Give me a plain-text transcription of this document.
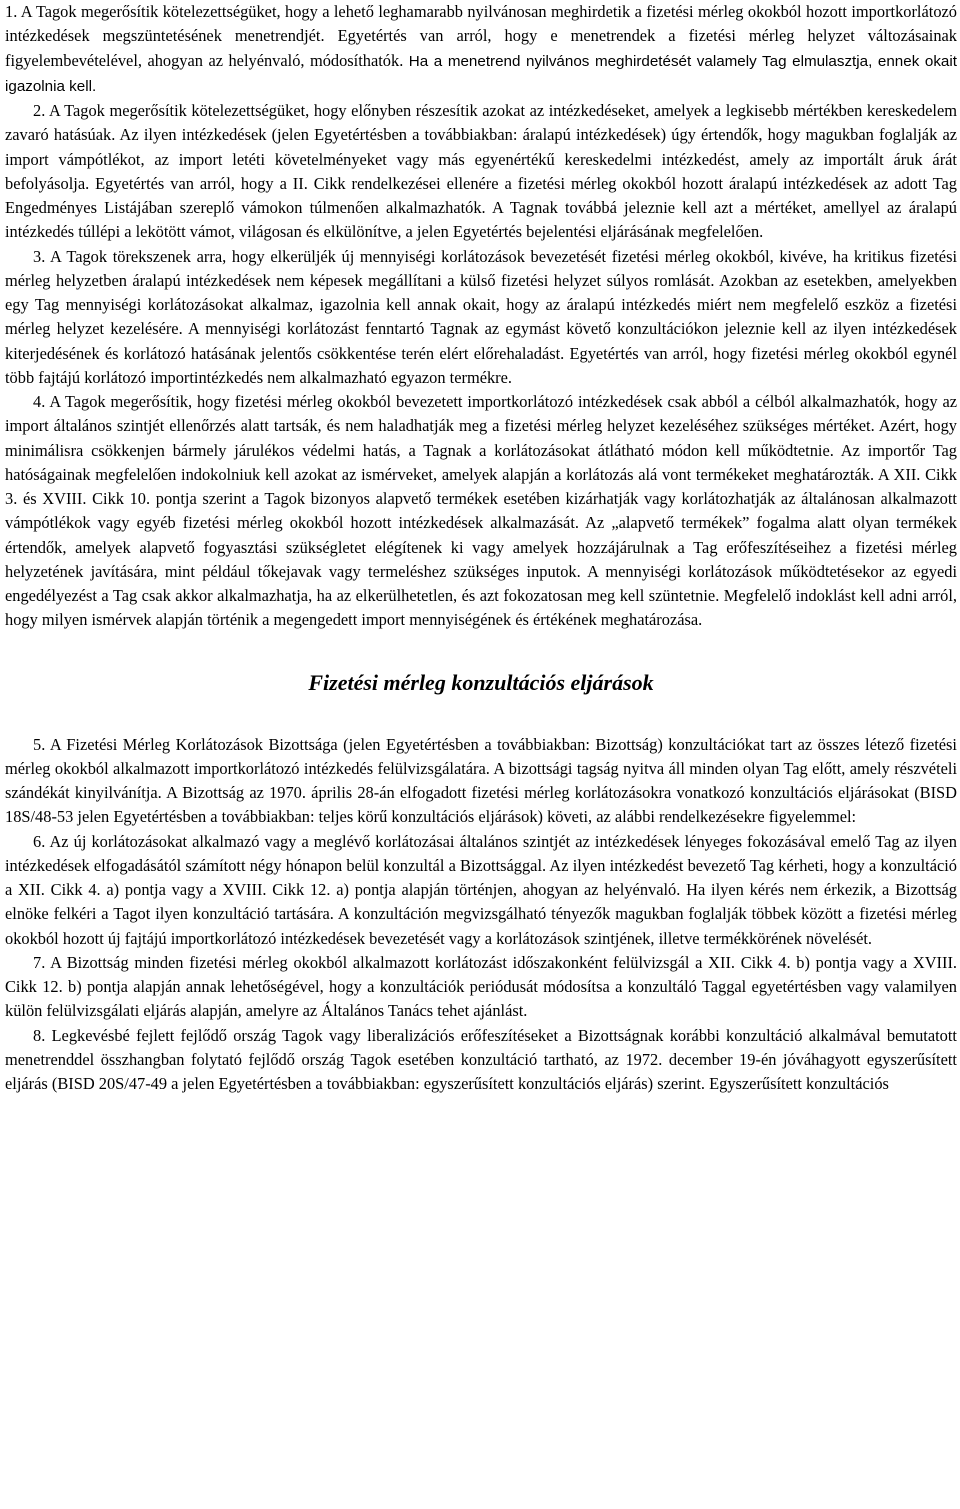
1. A Tagok megerősítik kötelezettségüket, hogy a lehető leghamarabb nyilvánosan meghirdetik a fizetési mérleg okokból hozott importkorlátozó intézkedések megszüntetésének menetrendjét. Egyetértés van arról, hogy e menetrendek a fizetési mérleg helyzet változásainak figyelembevételével, ahogyan az helyénvaló, módosíthatók. Ha a menetrend nyilvános meghirdetését valamely Tag elmulasztja, ennek okait igazolnia kell.

2. A Tagok megerősítik kötelezettségüket, hogy előnyben részesítik azokat az intézkedéseket, amelyek a legkisebb mértékben kereskedelem zavaró hatásúak. Az ilyen intézkedések (jelen Egyetértésben a továbbiakban: áralapú intézkedések) úgy értendők, hogy magukban foglalják az import vámpótlékot, az import letéti követelményeket vagy más egyenértékű kereskedelmi intézkedést, amely az importált áruk árát befolyásolja. Egyetértés van arról, hogy a II. Cikk rendelkezései ellenére a fizetési mérleg okokból hozott áralapú intézkedések az adott Tag Engedményes Listájában szereplő vámokon túlmenően alkalmazhatók. A Tagnak továbbá jeleznie kell azt a mértéket, amellyel az áralapú intézkedés túllépi a lekötött vámot, világosan és elkülönítve, a jelen Egyetértés bejelentési eljárásának megfelelően.

3. A Tagok törekszenek arra, hogy elkerüljék új mennyiségi korlátozások bevezetését fizetési mérleg okokból, kivéve, ha kritikus fizetési mérleg helyzetben áralapú intézkedések nem képesek megállítani a külső fizetési helyzet súlyos romlását. Azokban az esetekben, amelyekben egy Tag mennyiségi korlátozásokat alkalmaz, igazolnia kell annak okait, hogy az áralapú intézkedés miért nem megfelelő eszköz a fizetési mérleg helyzet kezelésére. A mennyiségi korlátozást fenntartó Tagnak az egymást követő konzultációkon jeleznie kell az ilyen intézkedések kiterjedésének és korlátozó hatásának jelentős csökkentése terén elért előrehaladást. Egyetértés van arról, hogy fizetési mérleg okokból egynél több fajtájú korlátozó importintézkedés nem alkalmazható egyazon termékre.

4. A Tagok megerősítik, hogy fizetési mérleg okokból bevezetett importkorlátozó intézkedések csak abból a célból alkalmazhatók, hogy az import általános szintjét ellenőrzés alatt tartsák, és nem haladhatják meg a fizetési mérleg helyzet kezeléséhez szükséges mértéket. Azért, hogy minimálisra csökkenjen bármely járulékos védelmi hatás, a Tagnak a korlátozásokat átlátható módon kell működtetnie. Az importőr Tag hatóságainak megfelelően indokolniuk kell azokat az ismérveket, amelyek alapján a korlátozás alá vont termékeket meghatározták. A XII. Cikk 3. és XVIII. Cikk 10. pontja szerint a Tagok bizonyos alapvető termékek esetében kizárhatják vagy korlátozhatják az általánosan alkalmazott vámpótlékok vagy egyéb fizetési mérleg okokból hozott intézkedések alkalmazását. Az „alapvető termékek” fogalma alatt olyan termékek értendők, amelyek alapvető fogyasztási szükségletet elégítenek ki vagy amelyek hozzájárulnak a Tag erőfeszítéseihez a fizetési mérleg helyzetének javítására, mint például tőkejavak vagy termeléshez szükséges inputok. A mennyiségi korlátozások működtetésekor az egyedi engedélyezést a Tag csak akkor alkalmazhatja, ha az elkerülhetetlen, és azt fokozatosan meg kell szüntetnie. Megfelelő indoklást kell adni arról, hogy milyen ismérvek alapján történik a megengedett import mennyiségének és értékének meghatározása.

Fizetési mérleg konzultációs eljárások

5. A Fizetési Mérleg Korlátozások Bizottsága (jelen Egyetértésben a továbbiakban: Bizottság) konzultációkat tart az összes létező fizetési mérleg okokból alkalmazott importkorlátozó intézkedés felülvizsgálatára. A bizottsági tagság nyitva áll minden olyan Tag előtt, amely részvételi szándékát kinyilvánítja. A Bizottság az 1970. április 28-án elfogadott fizetési mérleg korlátozásokra vonatkozó konzultációs eljárásokat (BISD 18S/48-53 jelen Egyetértésben a továbbiakban: teljes körű konzultációs eljárások) követi, az alábbi rendelkezésekre figyelemmel:

6. Az új korlátozásokat alkalmazó vagy a meglévő korlátozásai általános szintjét az intézkedések lényeges fokozásával emelő Tag az ilyen intézkedések elfogadásától számított négy hónapon belül konzultál a Bizottsággal. Az ilyen intézkedést bevezető Tag kérheti, hogy a konzultáció a XII. Cikk 4. a) pontja vagy a XVIII. Cikk 12. a) pontja alapján történjen, ahogyan az helyénvaló. Ha ilyen kérés nem érkezik, a Bizottság elnöke felkéri a Tagot ilyen konzultáció tartására. A konzultáción megvizsgálható tényezők magukban foglalják többek között a fizetési mérleg okokból hozott új fajtájú importkorlátozó intézkedések bevezetését vagy a korlátozások szintjének, illetve termékkörének növelését.

7. A Bizottság minden fizetési mérleg okokból alkalmazott korlátozást időszakonként felülvizsgál a XII. Cikk 4. b) pontja vagy a XVIII. Cikk 12. b) pontja alapján annak lehetőségével, hogy a konzultációk periódusát módosítsa a konzultáló Taggal egyetértésben vagy valamilyen külön felülvizsgálati eljárás alapján, amelyre az Általános Tanács tehet ajánlást.

8. Legkevésbé fejlett fejlődő ország Tagok vagy liberalizációs erőfeszítéseket a Bizottságnak korábbi konzultáció alkalmával bemutatott menetrenddel összhangban folytató fejlődő ország Tagok esetében konzultáció tartható, az 1972. december 19-én jóváhagyott egyszerűsített eljárás (BISD 20S/47-49 a jelen Egyetértésben a továbbiakban: egyszerűsített konzultációs eljárás) szerint. Egyszerűsített konzultációs
